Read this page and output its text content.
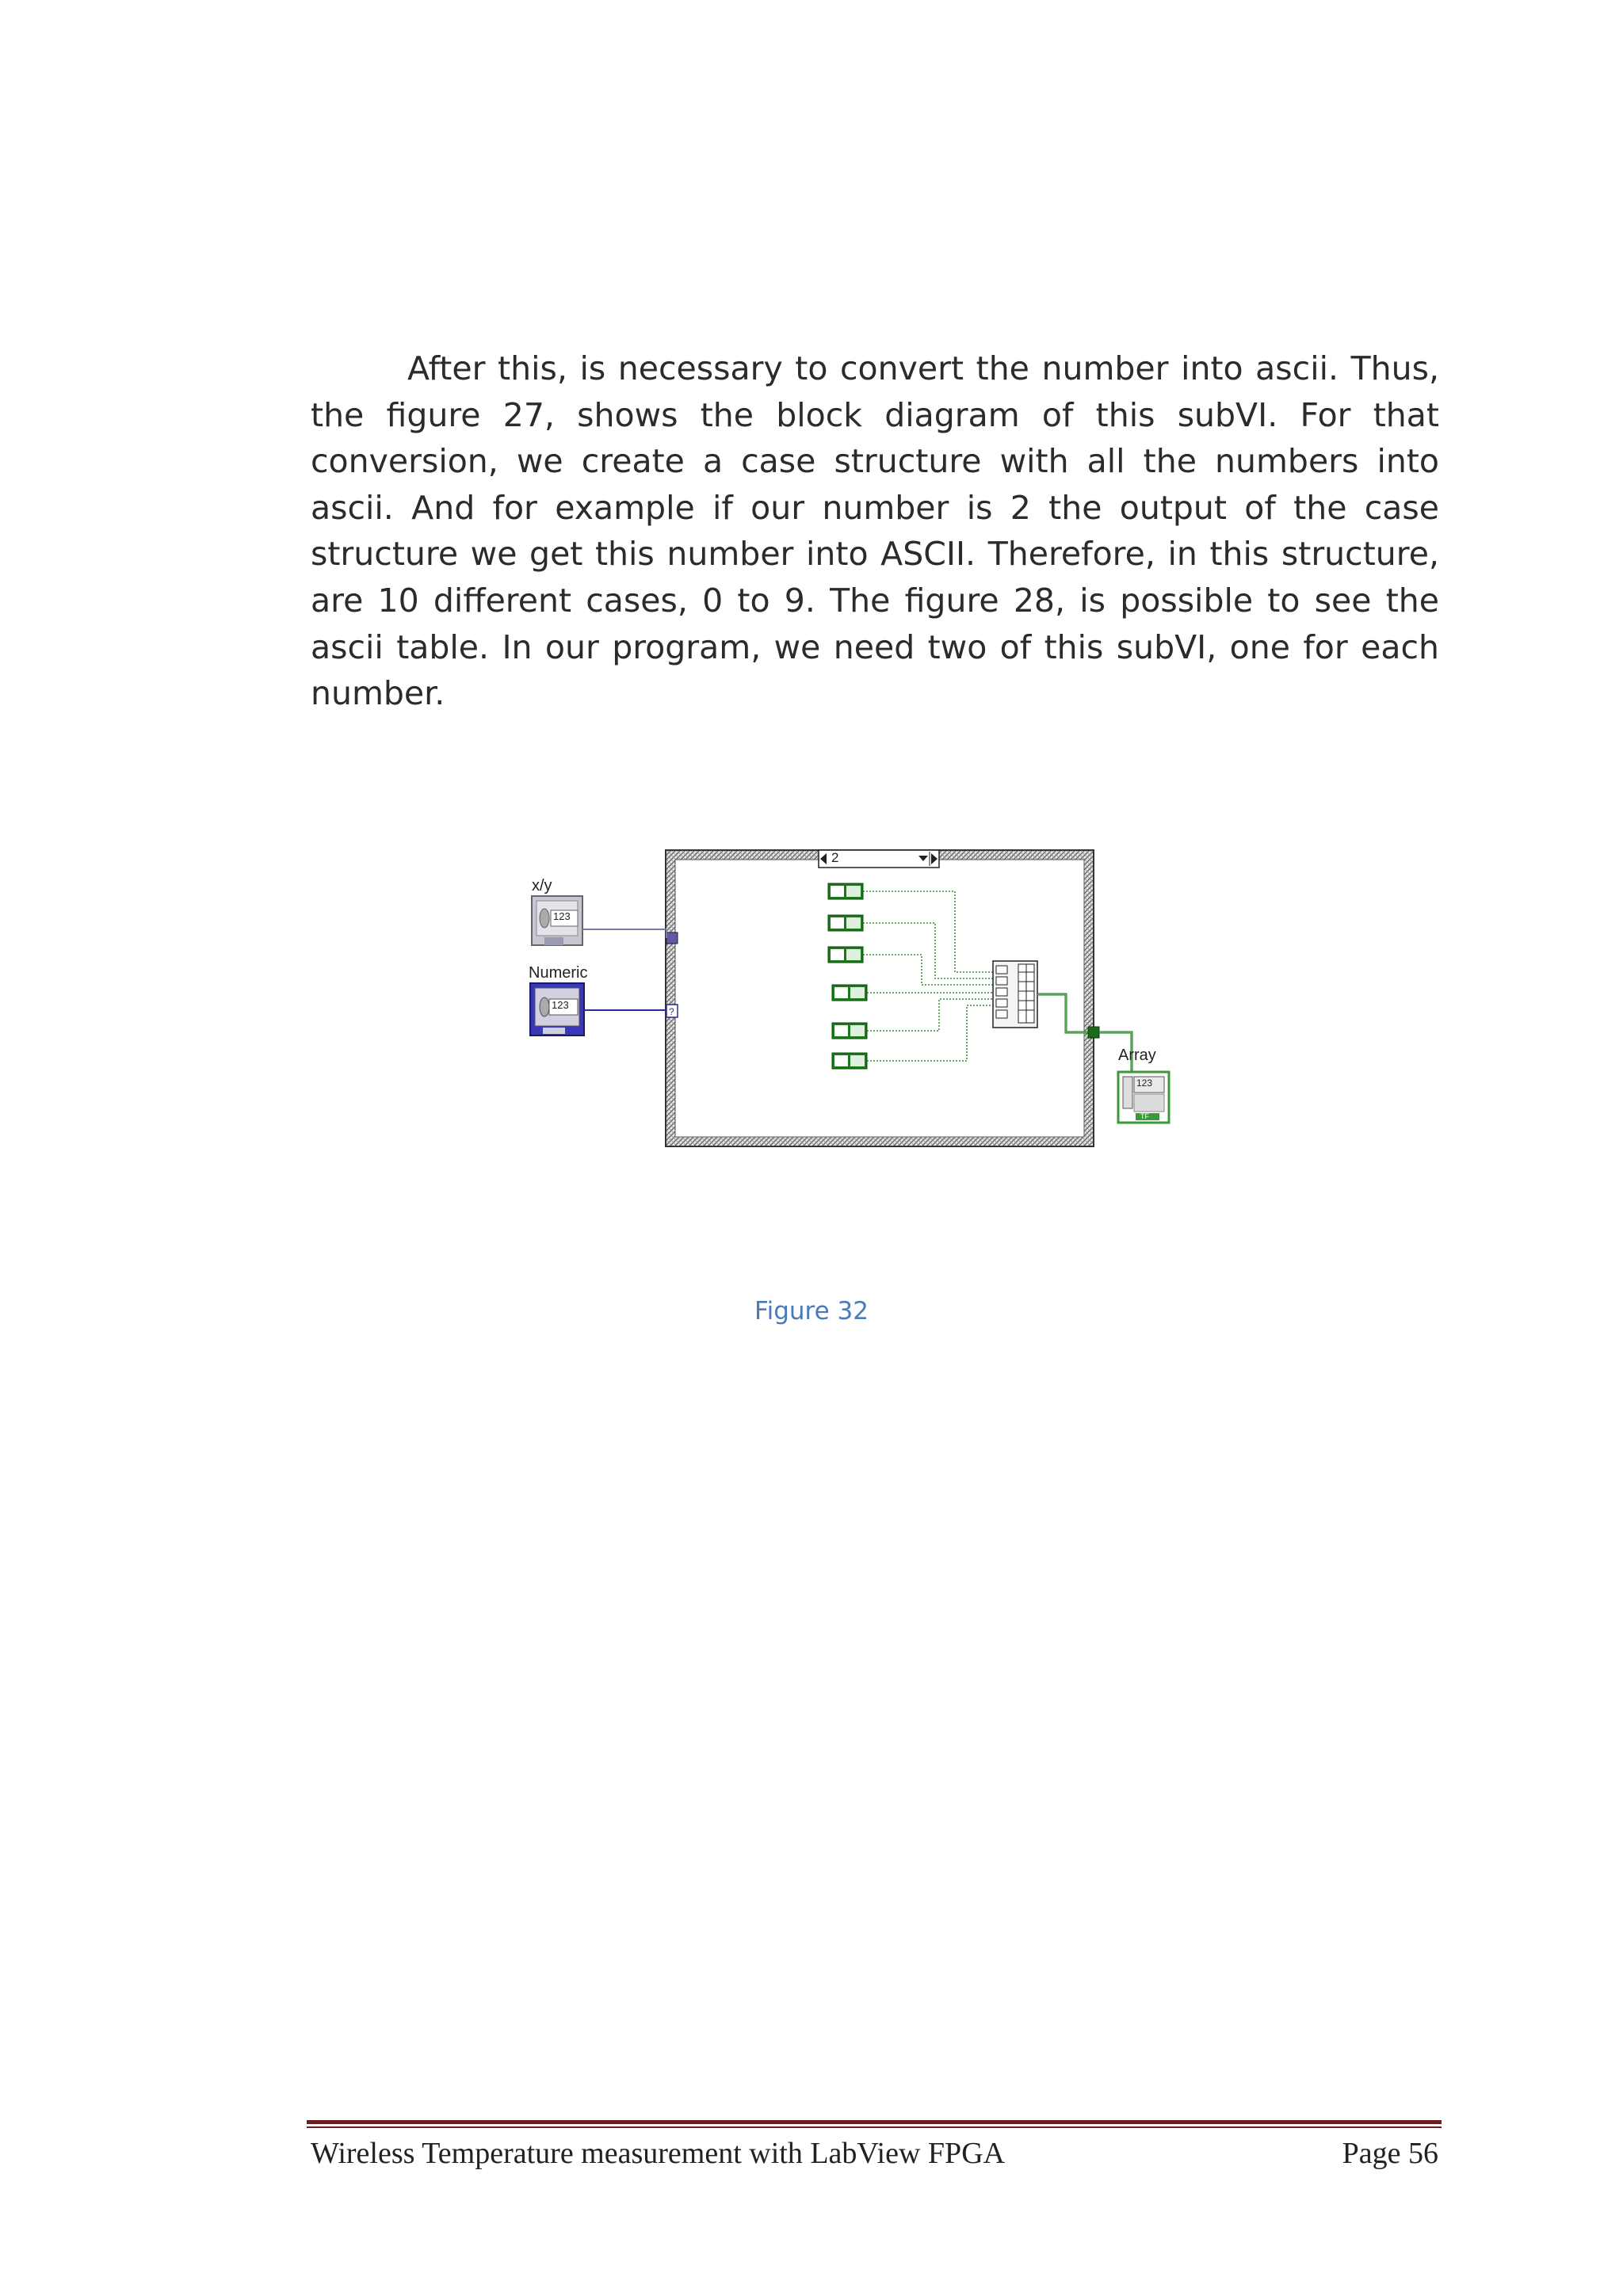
After this, is necessary to convert the number into ascii. Thus, the figure 27, shows the block diagram of this subVI. For that conversion, we create a case structure with all the numbers into ascii. And for example if our number is 2 the output of the case structure we get this number into ASCII. Therefore, in this structure, are 10 different cases, 0 to 9. The figure 28, is possible to see the ascii table. In our program, we need two of this subVI, one for each number.

?
x/y
Numeric
Array
2
123
123
123
TF
Figure 32
Wireless Temperature measurement with LabView FPGA	Page 56
